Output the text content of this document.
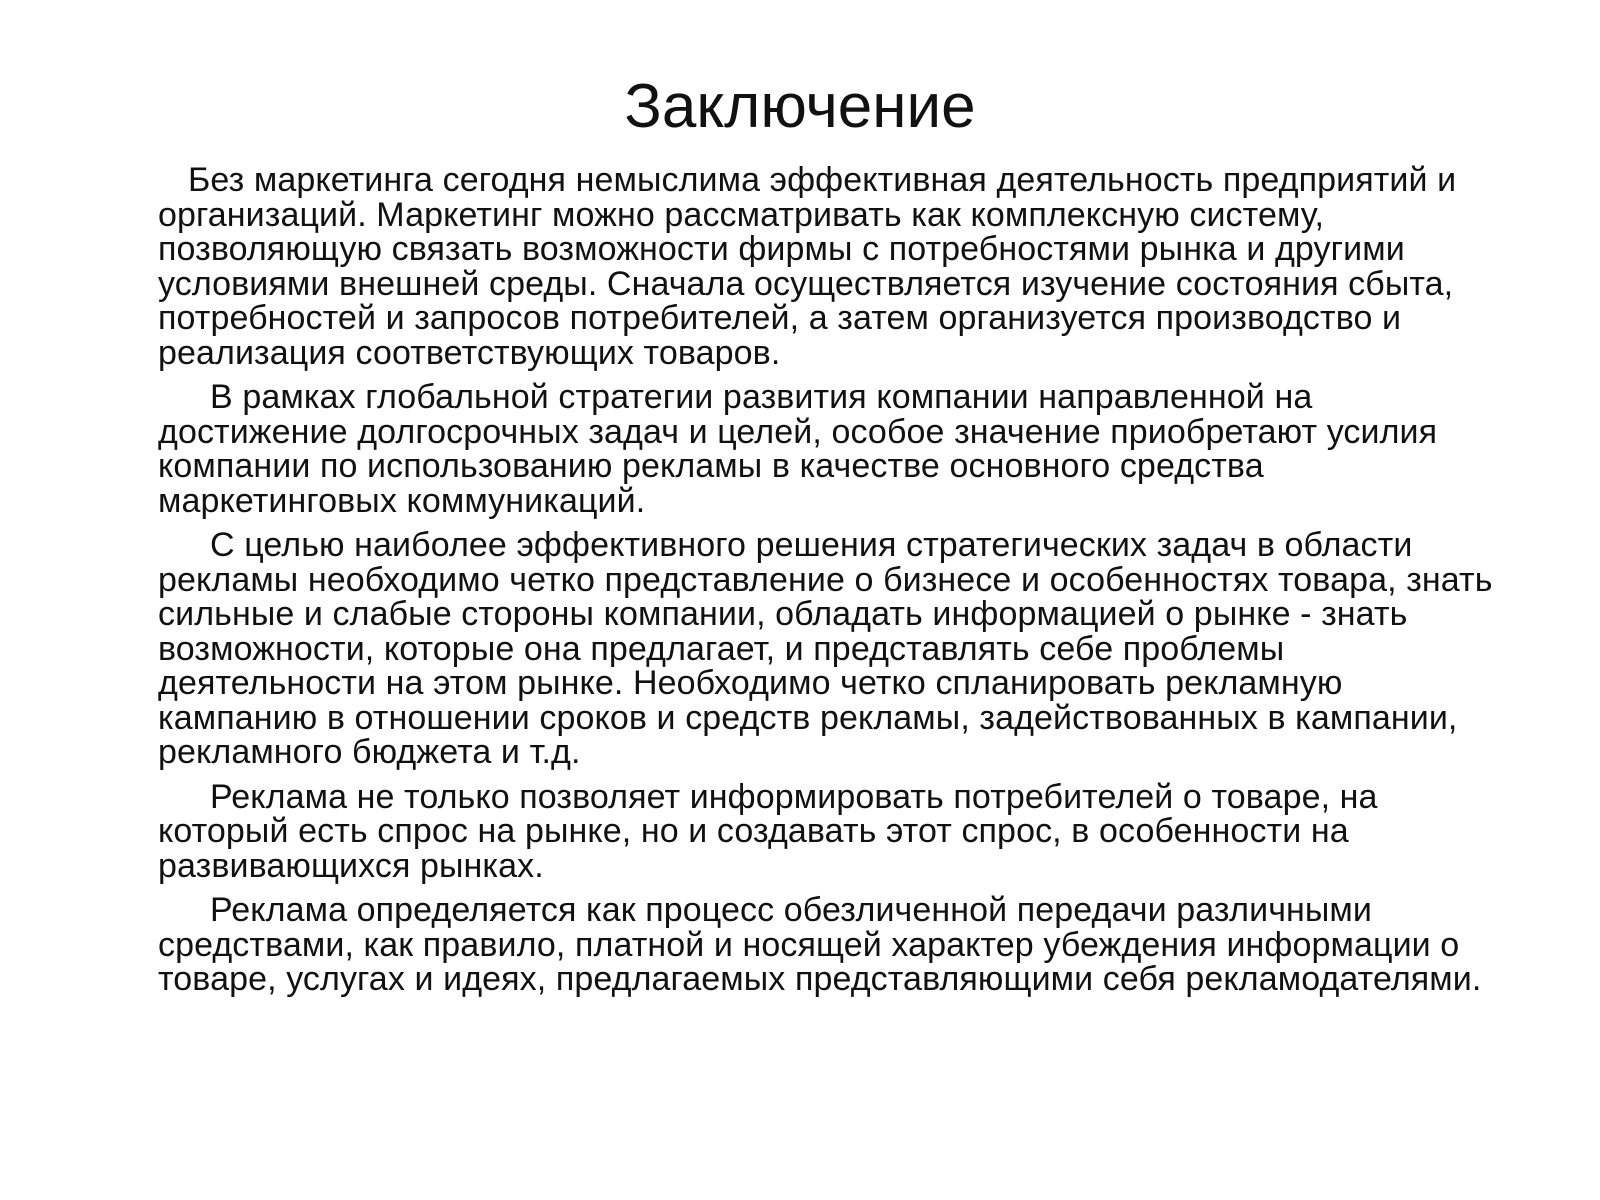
Заключение

Без маркетинга сегодня немыслима эффективная деятельность предприятий и организаций. Маркетинг можно рассматривать как комплексную систему, позволяющую связать возможности фирмы с потребностями рынка и другими условиями внешней среды. Сначала осуществляется изучение состояния сбыта, потребностей и запросов потребителей, а затем организуется производство и реализация соответствующих товаров.

В рамках глобальной стратегии развития компании направленной на достижение долгосрочных задач и целей, особое значение приобретают усилия компании по использованию рекламы в качестве основного средства маркетинговых коммуникаций.

С целью наиболее эффективного решения стратегических задач в области рекламы необходимо четко представление о бизнесе и особенностях товара, знать сильные и слабые стороны компании, обладать информацией о рынке - знать возможности, которые она предлагает, и представлять себе проблемы деятельности на этом рынке. Необходимо четко спланировать рекламную кампанию в отношении сроков и средств рекламы, задействованных в кампании, рекламного бюджета и т.д.

Реклама не только позволяет информировать потребителей о товаре, на который есть спрос на рынке, но и создавать этот спрос, в особенности на развивающихся рынках.

Реклама определяется как процесс обезличенной передачи различными средствами, как правило, платной и носящей характер убеждения информации о товаре, услугах и идеях, предлагаемых представляющими себя рекламодателями.
